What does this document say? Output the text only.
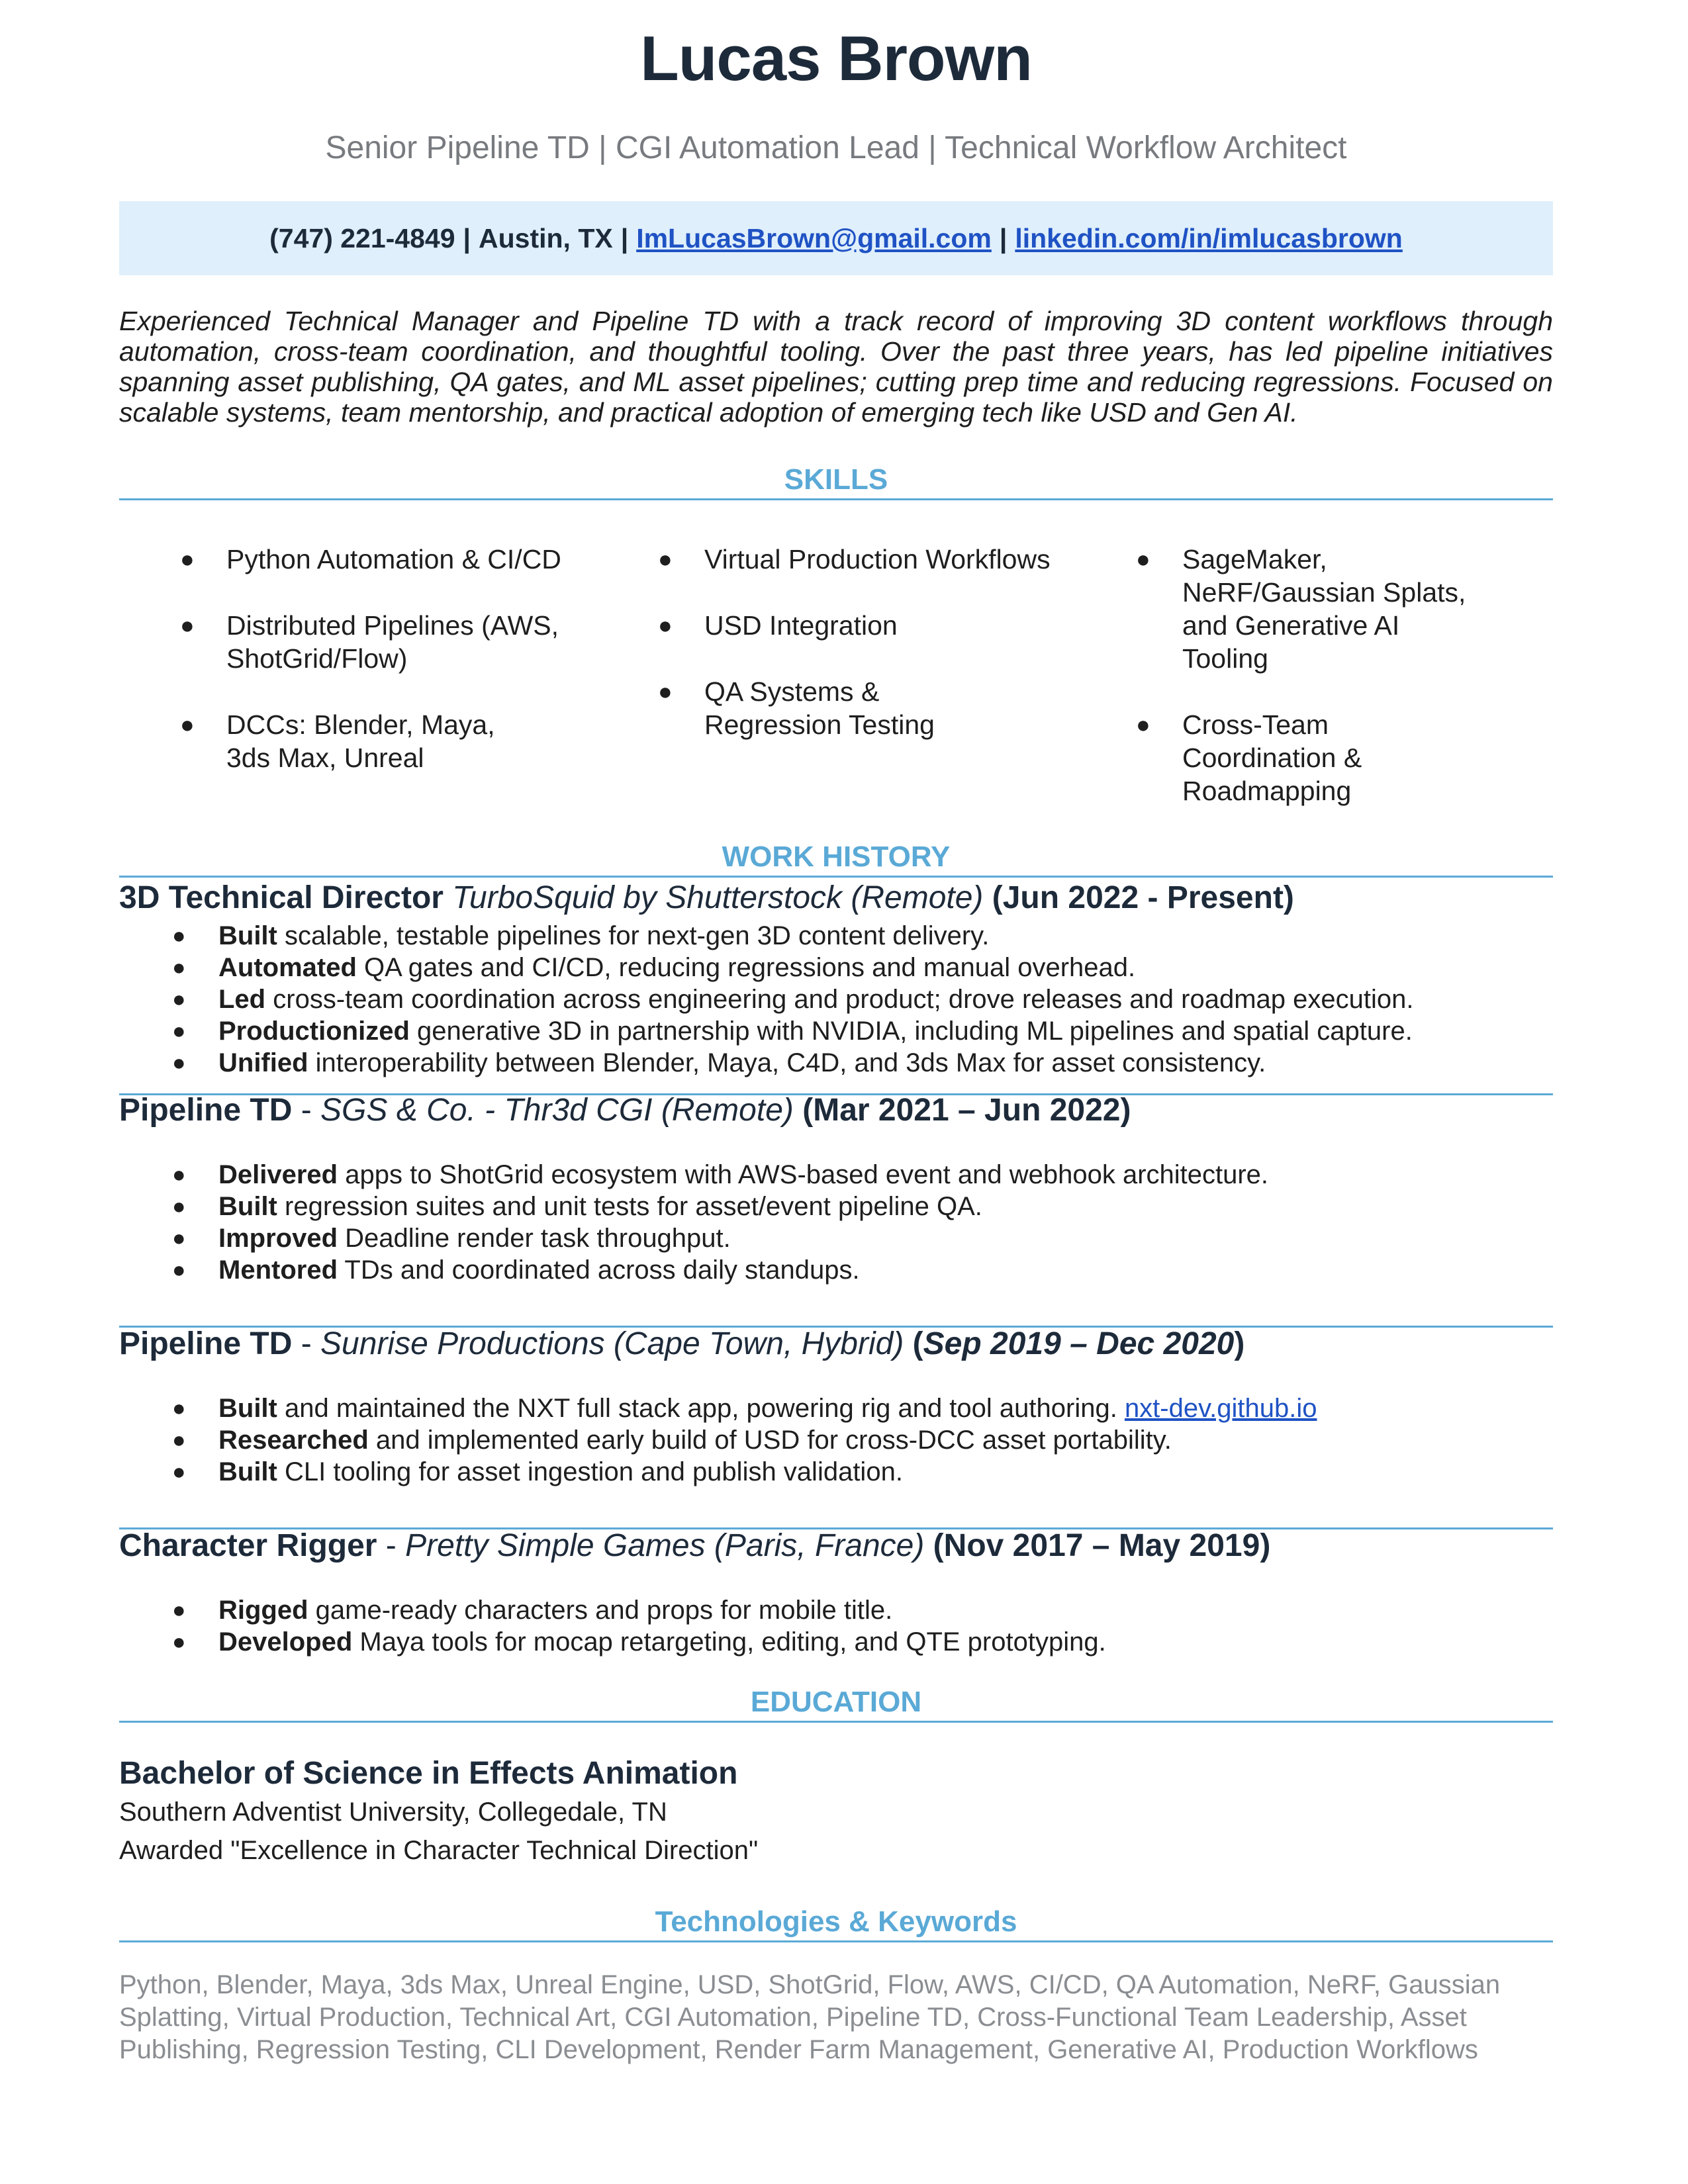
Lucas Brown
Senior Pipeline TD | CGI Automation Lead | Technical Workflow Architect
(747) 221-4849 | Austin, TX | ImLucasBrown@gmail.com | linkedin.com/in/imlucasbrown
Experienced Technical Manager and Pipeline TD with a track record of improving 3D content workflows through automation, cross-team coordination, and thoughtful tooling. Over the past three years, has led pipeline initiatives spanning asset publishing, QA gates, and ML asset pipelines; cutting prep time and reducing regressions. Focused on scalable systems, team mentorship, and practical adoption of emerging tech like USD and Gen AI.
SKILLS
● Python Automation & CI/CD
● Distributed Pipelines (AWS, ShotGrid/Flow)
● DCCs: Blender, Maya, 3ds Max, Unreal
● Virtual Production Workflows
● USD Integration
● QA Systems & Regression Testing
● SageMaker, NeRF/Gaussian Splats, and Generative AI Tooling
● Cross-Team Coordination & Roadmapping
WORK HISTORY
3D Technical Director TurboSquid by Shutterstock (Remote) (Jun 2022 - Present)
● Built scalable, testable pipelines for next-gen 3D content delivery.
● Automated QA gates and CI/CD, reducing regressions and manual overhead.
● Led cross-team coordination across engineering and product; drove releases and roadmap execution.
● Productionized generative 3D in partnership with NVIDIA, including ML pipelines and spatial capture.
● Unified interoperability between Blender, Maya, C4D, and 3ds Max for asset consistency.
Pipeline TD - SGS & Co. - Thr3d CGI (Remote) (Mar 2021 – Jun 2022)
● Delivered apps to ShotGrid ecosystem with AWS-based event and webhook architecture.
● Built regression suites and unit tests for asset/event pipeline QA.
● Improved Deadline render task throughput.
● Mentored TDs and coordinated across daily standups.
Pipeline TD - Sunrise Productions (Cape Town, Hybrid) (Sep 2019 – Dec 2020)
● Built and maintained the NXT full stack app, powering rig and tool authoring. nxt-dev.github.io
● Researched and implemented early build of USD for cross-DCC asset portability.
● Built CLI tooling for asset ingestion and publish validation.
Character Rigger - Pretty Simple Games (Paris, France) (Nov 2017 – May 2019)
● Rigged game-ready characters and props for mobile title.
● Developed Maya tools for mocap retargeting, editing, and QTE prototyping.
EDUCATION
Bachelor of Science in Effects Animation
Southern Adventist University, Collegedale, TN
Awarded "Excellence in Character Technical Direction"
Technologies & Keywords
Python, Blender, Maya, 3ds Max, Unreal Engine, USD, ShotGrid, Flow, AWS, CI/CD, QA Automation, NeRF, Gaussian Splatting, Virtual Production, Technical Art, CGI Automation, Pipeline TD, Cross-Functional Team Leadership, Asset Publishing, Regression Testing, CLI Development, Render Farm Management, Generative AI, Production Workflows
